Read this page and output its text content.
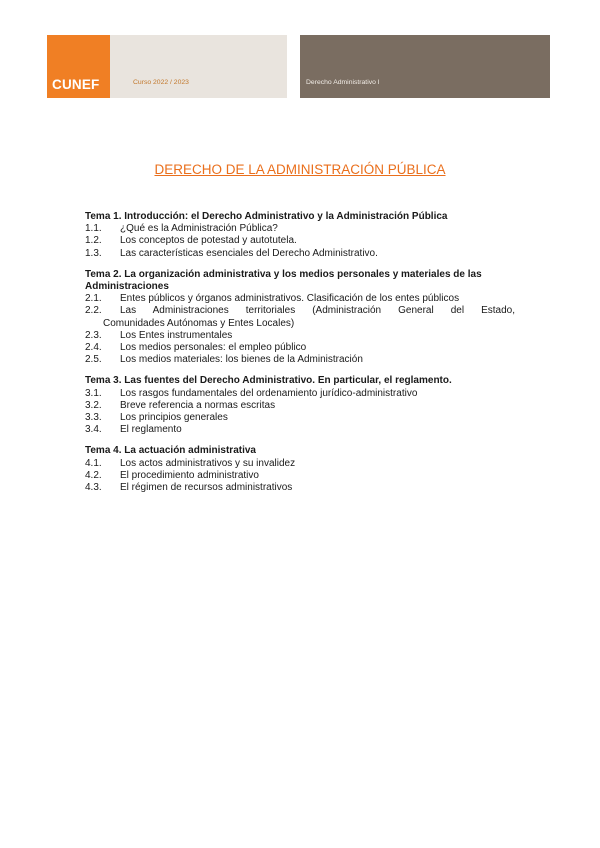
CUNEF	Curso 2022 / 2023	Derecho Administrativo I
DERECHO DE LA ADMINISTRACIÓN PÚBLICA
Tema 1. Introducción: el Derecho Administrativo y la Administración Pública
1.1.	¿Qué es la Administración Pública?
1.2.	Los conceptos de potestad y autotutela.
1.3.	Las características esenciales del Derecho Administrativo.
Tema 2. La organización administrativa y los medios personales y materiales de las Administraciones
2.1.	Entes públicos y órganos administrativos. Clasificación de los entes públicos
2.2.	Las Administraciones territoriales (Administración General del Estado,
Comunidades Autónomas y Entes Locales)
2.3.	Los Entes instrumentales
2.4.	Los medios personales: el empleo público
2.5.	Los medios materiales: los bienes de la Administración
Tema 3. Las fuentes del Derecho Administrativo. En particular, el reglamento.
3.1.	Los rasgos fundamentales del ordenamiento jurídico-administrativo
3.2.	Breve referencia a normas escritas
3.3.	Los principios generales
3.4.	El reglamento
Tema 4. La actuación administrativa
4.1.	Los actos administrativos y su invalidez
4.2.	El procedimiento administrativo
4.3.	El régimen de recursos administrativos
